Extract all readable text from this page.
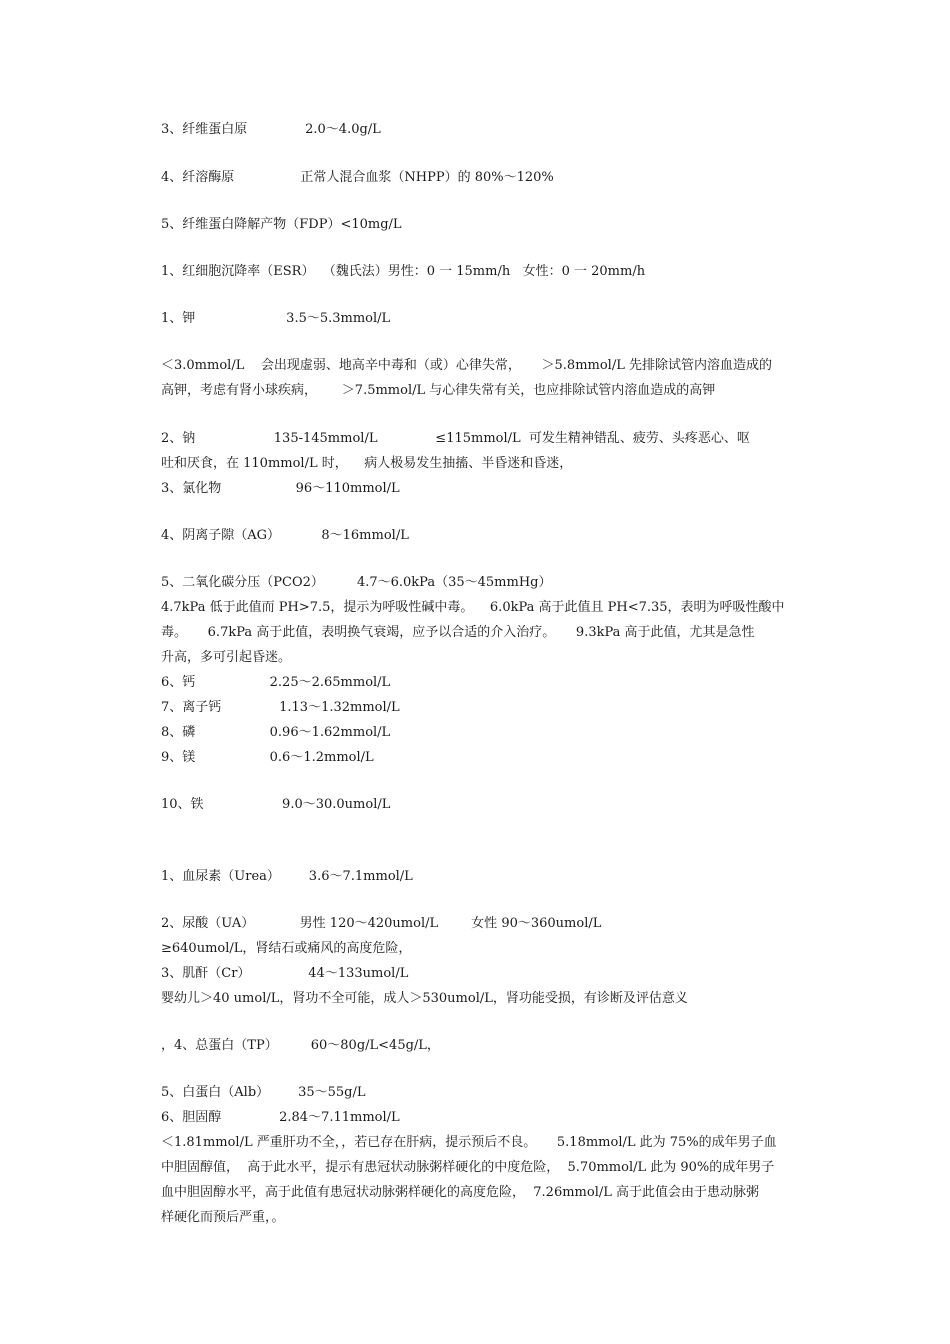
3、纤维蛋白原              2.0～4.0g/L
4、纤溶酶原                正常人混合血浆（NHPP）的 80%～120%
5、纤维蛋白降解产物（FDP）<10mg/L
1、红细胞沉降率（ESR）  （魏氏法）男性：0 一 15mm/h   女性：0 一 20mm/h
1、钾                      3.5～5.3mmol/L
＜3.0mmol/L    会出现虚弱、地高辛中毒和（或）心律失常，     ＞5.8mmol/L 先排除试管内溶血造成的
高钾，考虑有肾小球疾病，      ＞7.5mmol/L 与心律失常有关，也应排除试管内溶血造成的高钾
2、钠                   135-145mmol/L              ≤115mmol/L  可发生精神错乱、疲劳、头疼恶心、呕
吐和厌食，在 110mmol/L 时，    病人极易发生抽搐、半昏迷和昏迷，
3、氯化物                  96～110mmol/L
4、阴离子隙（AG）          8～16mmol/L
5、二氧化碳分压（PCO2）        4.7～6.0kPa（35～45mmHg）
4.7kPa 低于此值而 PH>7.5，提示为呼吸性碱中毒。    6.0kPa 高于此值且 PH<7.35，表明为呼吸性酸中
毒。     6.7kPa 高于此值，表明换气衰竭，应予以合适的介入治疗。     9.3kPa 高于此值，尤其是急性
升高，多可引起昏迷。
6、钙                  2.25～2.65mmol/L
7、离子钙              1.13～1.32mmol/L
8、磷                  0.96～1.62mmol/L
9、镁                  0.6～1.2mmol/L
10、铁                   9.0～30.0umol/L
1、血尿素（Urea）       3.6～7.1mmol/L
2、尿酸（UA）           男性 120～420umol/L        女性 90～360umol/L
≥640umol/L，肾结石或痛风的高度危险，
3、肌酐（Cr）              44～133umol/L
婴幼儿＞40 umol/L，肾功不全可能，成人＞530umol/L，肾功能受损，有诊断及评估意义
，4、总蛋白（TP）        60～80g/L<45g/L，
5、白蛋白（Alb）       35～55g/L
6、胆固醇              2.84～7.11mmol/L
＜1.81mmol/L 严重肝功不全，，若已存在肝病，提示预后不良。     5.18mmol/L 此为 75%的成年男子血
中胆固醇值，  高于此水平，提示有患冠状动脉粥样硬化的中度危险，  5.70mmol/L 此为 90%的成年男子
血中胆固醇水平，高于此值有患冠状动脉粥样硬化的高度危险，  7.26mmol/L 高于此值会由于患动脉粥
样硬化而预后严重，。
